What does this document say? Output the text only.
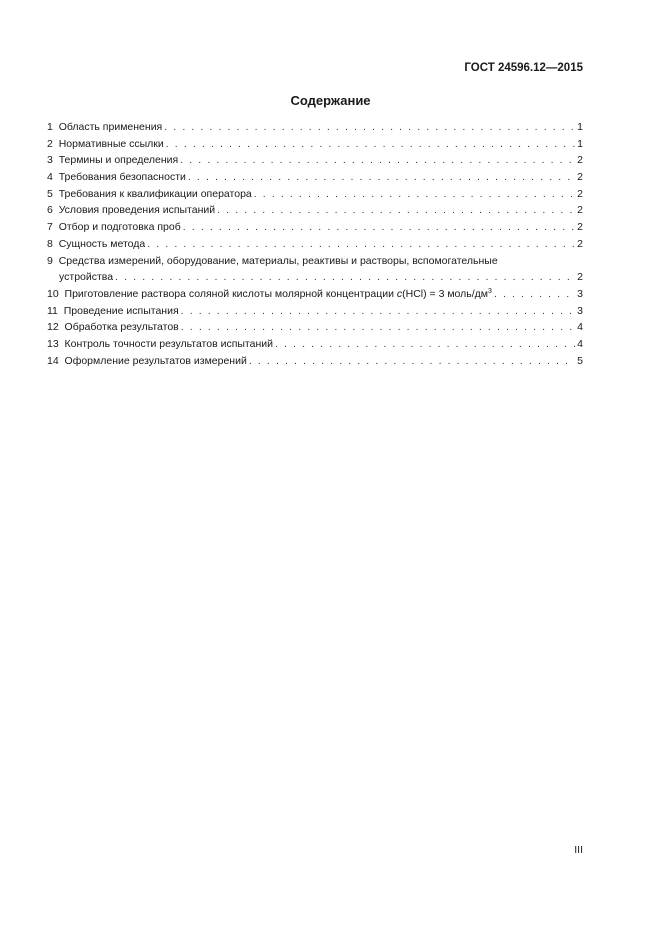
ГОСТ 24596.12—2015
Содержание
1 Область применения . . .	1
2 Нормативные ссылки . . .	1
3 Термины и определения . . .	2
4 Требования безопасности . . .	2
5 Требования к квалификации оператора . . .	2
6 Условия проведения испытаний . . .	2
7 Отбор и подготовка проб . . .	2
8 Сущность метода . . .	2
9 Средства измерений, оборудование, материалы, реактивы и растворы, вспомогательные
устройства . . .	2
10 Приготовление раствора соляной кислоты молярной концентрации c(HCl) = 3 моль/$дм^3$ . . .	3
11 Проведение испытания . . .	3
12 Обработка результатов . . .	4
13 Контроль точности результатов испытаний . . .	4
14 Оформление результатов измерений . . .	5
III
